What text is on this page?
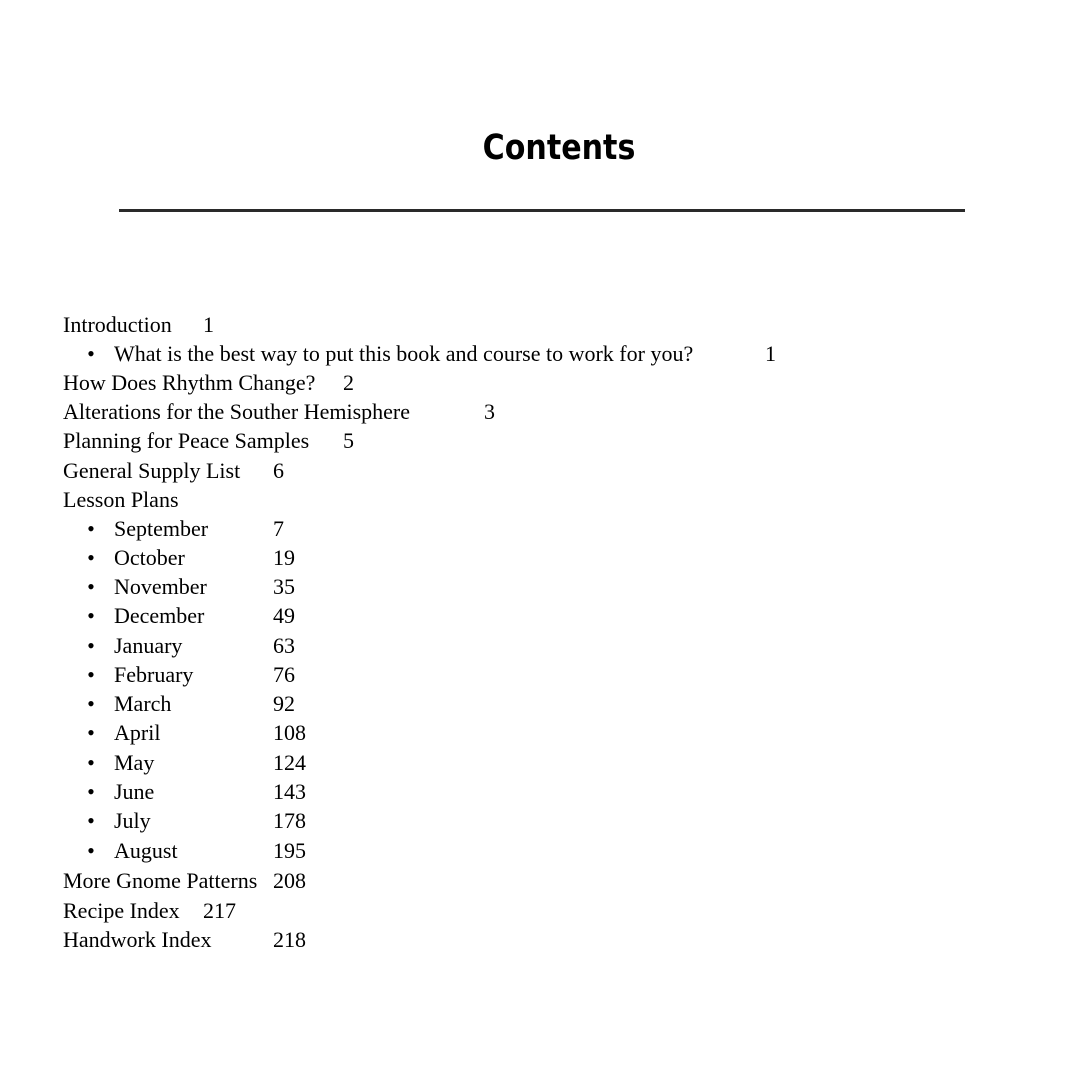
Contents
Introduction 1
• What is the best way to put this book and course to work for you?	1
How Does Rhythm Change? 2
Alterations for the Souther Hemisphere	3
Planning for Peace Samples 5
General Supply List 6
Lesson Plans
• September	7
• October	19
• November	35
• December	49
• January	63
• February	76
• March	92
• April	108
• May	124
• June	143
• July	178
• August	195
More Gnome Patterns 208
Recipe Index 217
Handwork Index	218
